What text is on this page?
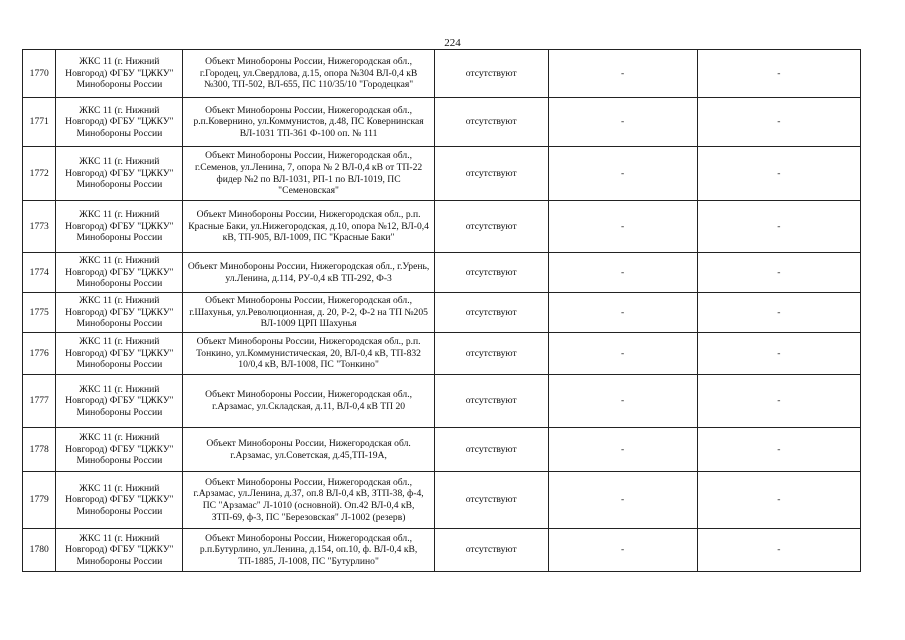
224
1770	ЖКС 11 (г. Нижний Новгород) ФГБУ "ЦЖКУ" Минобороны России	Объект Минобороны России, Нижегородская обл., г.Городец, ул.Свердлова, д.15, опора №304 ВЛ-0,4 кВ №300, ТП-502, ВЛ-655, ПС 110/35/10 "Городецкая"	отсутствуют	-	-
1771	ЖКС 11 (г. Нижний Новгород) ФГБУ "ЦЖКУ" Минобороны России	Объект Минобороны России, Нижегородская обл., р.п.Ковернино, ул.Коммунистов, д.48, ПС Ковернинская ВЛ-1031 ТП-361 Ф-100 оп. № 111	отсутствуют	-	-
1772	ЖКС 11 (г. Нижний Новгород) ФГБУ "ЦЖКУ" Минобороны России	Объект Минобороны России, Нижегородская обл., г.Семенов, ул.Ленина, 7, опора № 2 ВЛ-0,4 кВ от ТП-22 фидер №2 по ВЛ-1031, РП-1 по ВЛ-1019, ПС "Семеновская"	отсутствуют	-	-
1773	ЖКС 11 (г. Нижний Новгород) ФГБУ "ЦЖКУ" Минобороны России	Объект Минобороны России, Нижегородская обл., р.п. Красные Баки, ул.Нижегородская, д.10, опора №12, ВЛ-0,4 кВ, ТП-905, ВЛ-1009, ПС "Красные Баки"	отсутствуют	-	-
1774	ЖКС 11 (г. Нижний Новгород) ФГБУ "ЦЖКУ" Минобороны России	Объект Минобороны России, Нижегородская обл., г.Урень, ул.Ленина, д.114, РУ-0,4 кВ ТП-292, Ф-3	отсутствуют	-	-
1775	ЖКС 11 (г. Нижний Новгород) ФГБУ "ЦЖКУ" Минобороны России	Объект Минобороны России, Нижегородская обл., г.Шахунья, ул.Революционная, д. 20, Р-2, Ф-2 на ТП №205 ВЛ-1009 ЦРП Шахунья	отсутствуют	-	-
1776	ЖКС 11 (г. Нижний Новгород) ФГБУ "ЦЖКУ" Минобороны России	Объект Минобороны России, Нижегородская обл., р.п. Тонкино, ул.Коммунистическая, 20, ВЛ-0,4 кВ, ТП-832 10/0,4 кВ, ВЛ-1008, ПС "Тонкино"	отсутствуют	-	-
1777	ЖКС 11 (г. Нижний Новгород) ФГБУ "ЦЖКУ" Минобороны России	Объект Минобороны России, Нижегородская обл., г.Арзамас, ул.Складская, д.11, ВЛ-0,4 кВ ТП 20	отсутствуют	-	-
1778	ЖКС 11 (г. Нижний Новгород) ФГБУ "ЦЖКУ" Минобороны России	Объект Минобороны России, Нижегородская обл. г.Арзамас, ул.Советская, д.45,ТП-19А,	отсутствуют	-	-
1779	ЖКС 11 (г. Нижний Новгород) ФГБУ "ЦЖКУ" Минобороны России	Объект Минобороны России, Нижегородская обл., г.Арзамас, ул.Ленина, д.37, оп.8 ВЛ-0,4 кВ, ЗТП-38, ф-4, ПС "Арзамас" Л-1010 (основной). Оп.42 ВЛ-0,4 кВ, ЗТП-69, ф-3, ПС "Березовская" Л-1002 (резерв)	отсутствуют	-	-
1780	ЖКС 11 (г. Нижний Новгород) ФГБУ "ЦЖКУ" Минобороны России	Объект Минобороны России, Нижегородская обл., р.п.Бутурлино, ул.Ленина, д.154, оп.10, ф. ВЛ-0,4 кВ, ТП-1885, Л-1008, ПС "Бутурлино"	отсутствуют	-	-
